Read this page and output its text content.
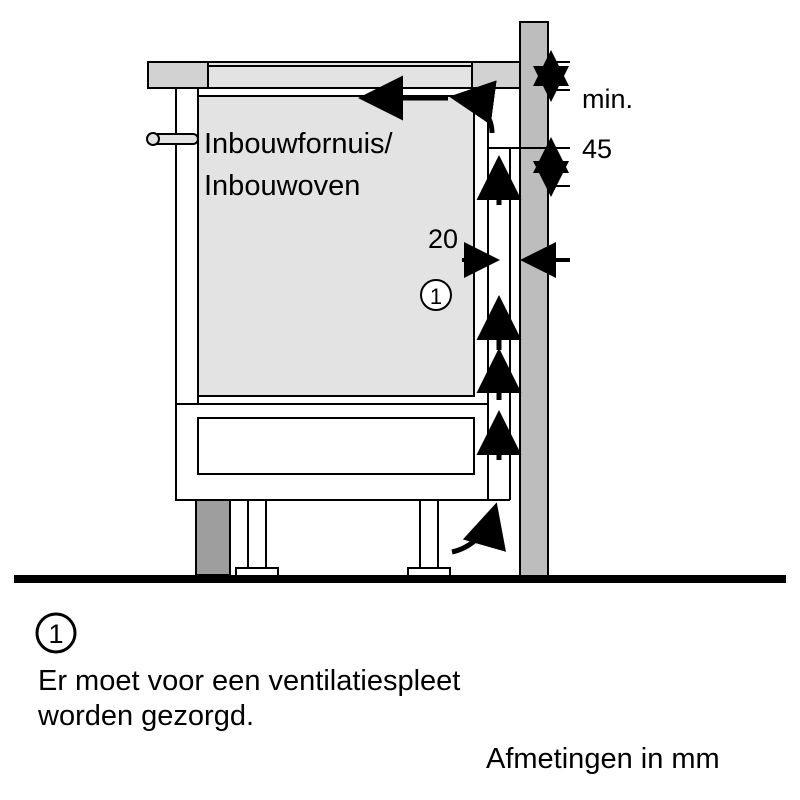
Inbouwfornuis/
Inbouwoven
min.
45
20
1
1
Er moet voor een ventilatiespleet
worden gezorgd.
Afmetingen in mm
